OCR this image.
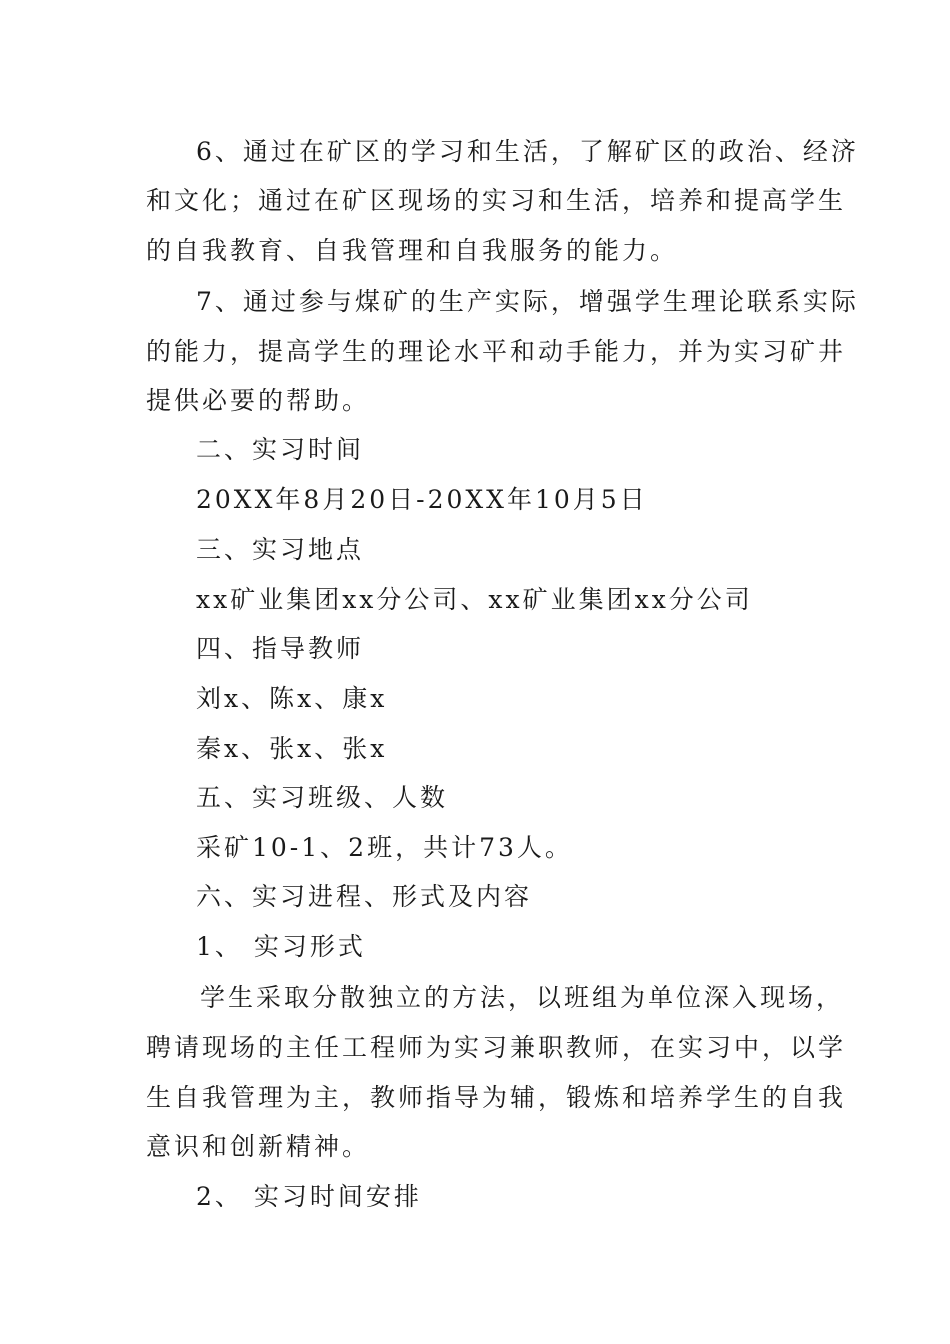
6、通过在矿区的学习和生活，了解矿区的政治、经济
和文化；通过在矿区现场的实习和生活，培养和提高学生
的自我教育、自我管理和自我服务的能力。
7、通过参与煤矿的生产实际，增强学生理论联系实际
的能力，提高学生的理论水平和动手能力，并为实习矿井
提供必要的帮助。
二、实习时间
20XX年8月20日-20XX年10月5日
三、实习地点
xx矿业集团xx分公司、xx矿业集团xx分公司
四、指导教师
刘x、陈x、康x
秦x、张x、张x
五、实习班级、人数
采矿10-1、2班，共计73人。
六、实习进程、形式及内容
1、 实习形式
学生采取分散独立的方法，以班组为单位深入现场，
聘请现场的主任工程师为实习兼职教师，在实习中，以学
生自我管理为主，教师指导为辅，锻炼和培养学生的自我
意识和创新精神。
2、 实习时间安排
